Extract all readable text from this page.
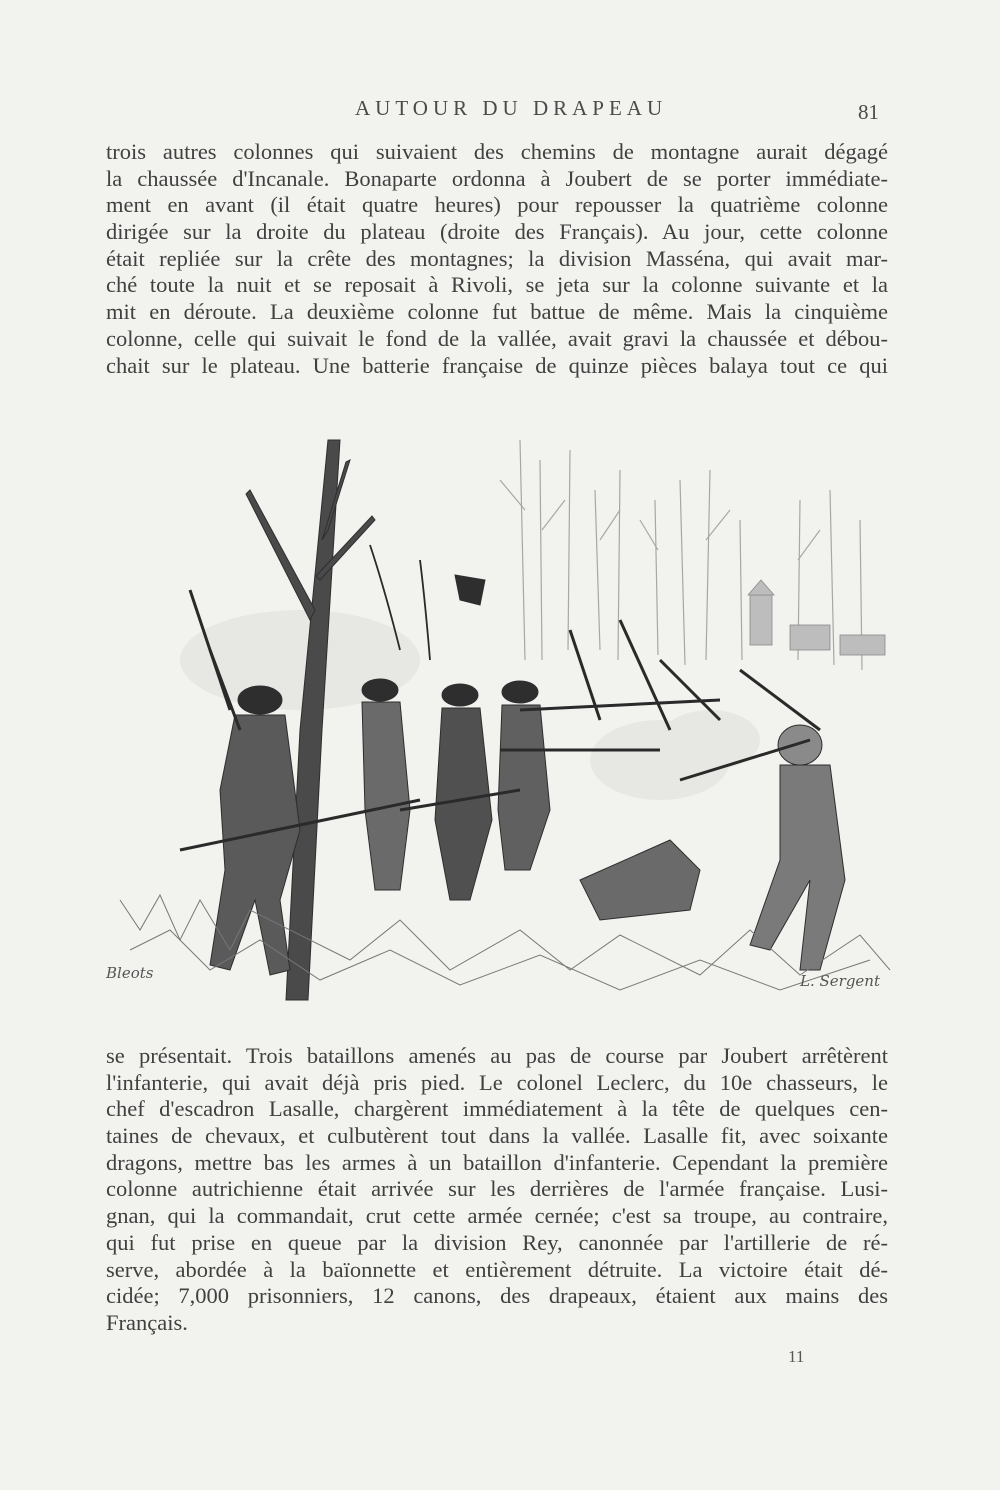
AUTOUR DU DRAPEAU	81
trois autres colonnes qui suivaient des chemins de montagne aurait dégagé
la chaussée d'Incanale. Bonaparte ordonna à Joubert de se porter immédiate-
ment en avant (il était quatre heures) pour repousser la quatrième colonne
dirigée sur la droite du plateau (droite des Français). Au jour, cette colonne
était repliée sur la crête des montagnes; la division Masséna, qui avait mar-
ché toute la nuit et se reposait à Rivoli, se jeta sur la colonne suivante et la
mit en déroute. La deuxième colonne fut battue de même. Mais la cinquième
colonne, celle qui suivait le fond de la vallée, avait gravi la chaussée et débou-
chait sur le plateau. Une batterie française de quinze pièces balaya tout ce qui
Bleots	L. Sergent
se présentait. Trois bataillons amenés au pas de course par Joubert arrêtèrent
l'infanterie, qui avait déjà pris pied. Le colonel Leclerc, du 10e chasseurs, le
chef d'escadron Lasalle, chargèrent immédiatement à la tête de quelques cen-
taines de chevaux, et culbutèrent tout dans la vallée. Lasalle fit, avec soixante
dragons, mettre bas les armes à un bataillon d'infanterie. Cependant la première
colonne autrichienne était arrivée sur les derrières de l'armée française. Lusi-
gnan, qui la commandait, crut cette armée cernée; c'est sa troupe, au contraire,
qui fut prise en queue par la division Rey, canonnée par l'artillerie de ré-
serve, abordée à la baïonnette et entièrement détruite. La victoire était dé-
cidée; 7,000 prisonniers, 12 canons, des drapeaux, étaient aux mains des
Français.
11
